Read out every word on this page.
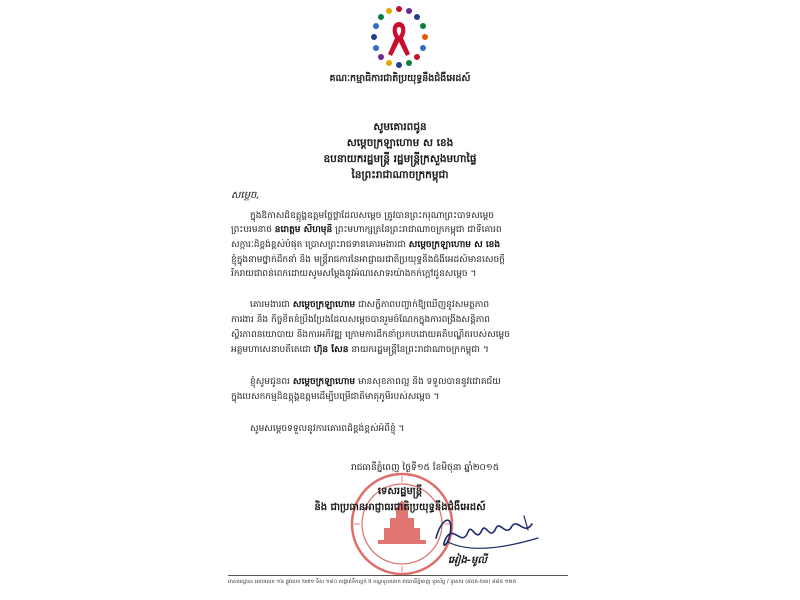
គណៈកម្មាធិការជាតិប្រយុទ្ធនឹងជំងឺអេដស៍
សូមគោរពជូន
សម្តេចក្រឡាហោម ស ខេង
ឧបនាយករដ្ឋមន្ត្រី រដ្ឋមន្ត្រីក្រសួងមហាផ្ទៃ
នៃព្រះរាជាណាចក្រកម្ពុជា
សម្តេច,
ក្នុងឱកាសដ៏ឧត្តុង្គឧត្តមថ្លៃថ្លាដែលសម្តេច ត្រូវបានព្រះករុណាព្រះបាទសម្តេច
ព្រះបរមនាថ នរោត្តម សីហមុនី ព្រះមហាក្សត្រនៃព្រះរាជាណាចក្រកម្ពុជា ជាទីគោរព
សក្ការៈដ៏ខ្ពង់ខ្ពស់បំផុត ប្រោសព្រះរាជទានគោរមងារជា សម្តេចក្រឡាហោម ស ខេង
ខ្ញុំក្នុងនាមថ្នាក់ដឹកនាំ និង មន្ត្រីរាជការនៃអាជ្ញាធរជាតិប្រយុទ្ធនឹងជំងឺអេដស៍មានសេចក្តី
រីករាយជាពន់ពេកដោយសូមសម្តែងនូវអំណរសាទរយ៉ាងកក់ក្តៅជូនសម្តេច ។
គោរមងារជា សម្តេចក្រឡាហោម ជាសក្ខីភាពបញ្ជាក់ឱ្យឃើញនូវសមត្ថភាព
ការងារ និង កិច្ចខិតខំប្រឹងប្រែងដែលសម្តេចបានរួមចំណែកក្នុងការពង្រឹងសន្តិភាព
ស្ថិរភាពនយោបាយ និងការអភិវឌ្ឍ ក្រោមការដឹកនាំប្រកបដោយគតិបណ្ឌិតរបស់សម្តេច
អគ្គមហាសេនាបតីតេជោ ហ៊ុន សែន នាយករដ្ឋមន្ត្រីនៃព្រះរាជាណាចក្រកម្ពុជា ។
ខ្ញុំសូមជូនពរ សម្តេចក្រឡាហោម មានសុខភាពល្អ និង ទទួលបាននូវជោគជ័យ
ក្នុងបេសកកម្មដ៏ឧត្តុង្គឧត្តមដើម្បីបម្រើជាតិមាតុភូមិរបស់សម្តេច ។
សូមសម្តេចទទួលនូវការគោរពដ៏ខ្ពង់ខ្ពស់អំពីខ្ញុំ ។
រាជធានីភ្នំពេញ ថ្ងៃទី១៥ ខែមិថុនា ឆ្នាំ២០១៥
ទេសរដ្ឋមន្ត្រី
និង ជាប្រធានអាជ្ញាធរជាតិប្រយុទ្ធនឹងជំងឺអេដស៍
អៀង-មូលី
អាសយដ្ឋាន៖ អគារលេខ ១៦ ផ្លូវលេខ ២៧១ ទិស ១៨០ សង្កាត់ទឹកល្អក់ II ខណ្ឌទួលគោក រាជធានីភ្នំពេញ ទូរស័ព្ទ / ទូរសារ (៨៥៥-២៣) ៨៨៥ ១២៥
